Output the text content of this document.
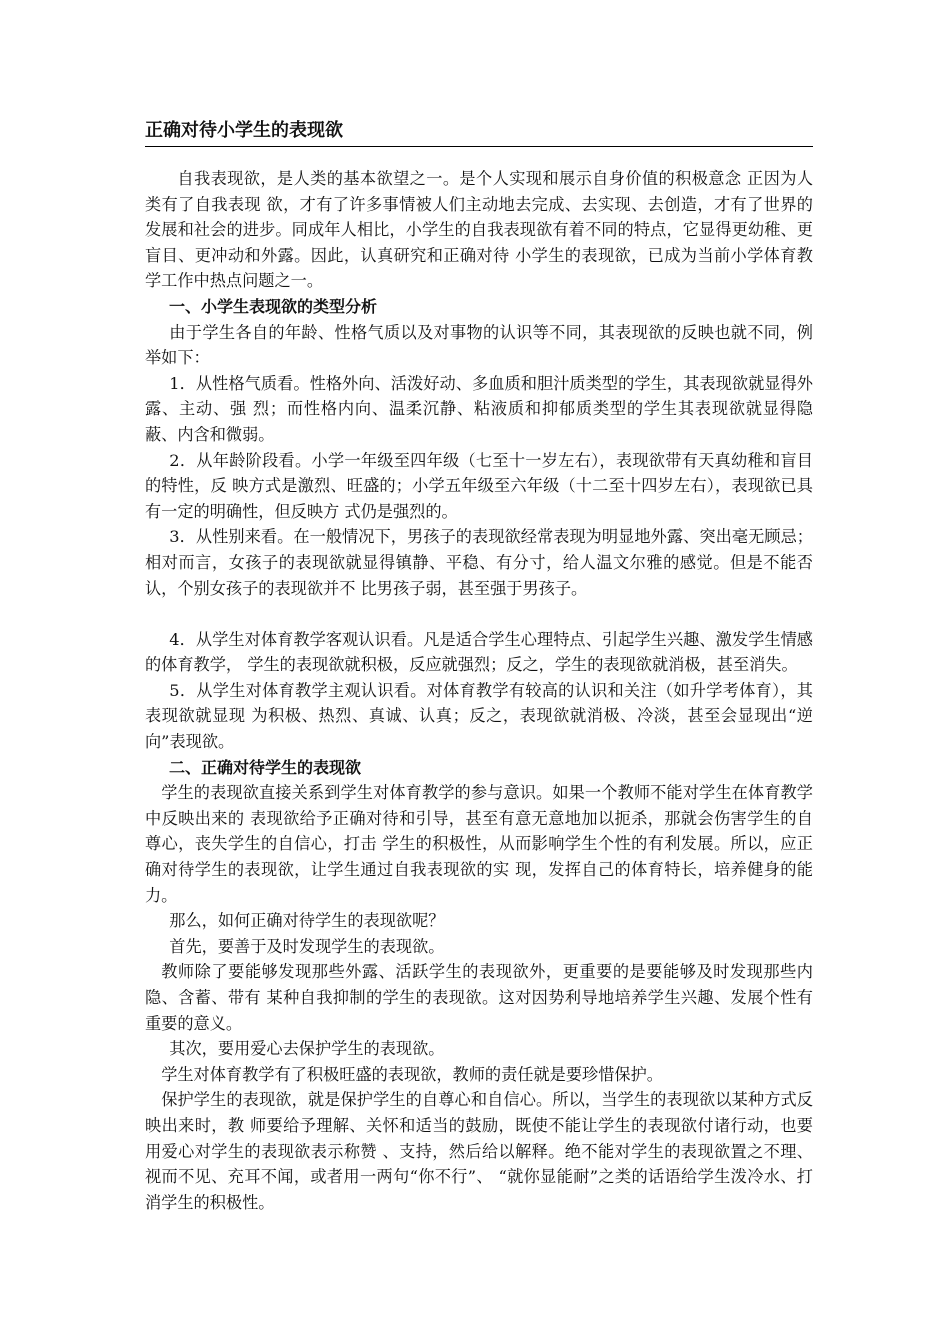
正确对待小学生的表现欲

自我表现欲，是人类的基本欲望之一。是个人实现和展示自身价值的积极意念 正因为人类有了自我表现 欲，才有了许多事情被人们主动地去完成、去实现、去创造，才有了世界的发展和社会的进步。同成年人相比，小学生的自我表现欲有着不同的特点，它显得更幼稚、更盲目、更冲动和外露。因此，认真研究和正确对待 小学生的表现欲，已成为当前小学体育教学工作中热点问题之一。

一、小学生表现欲的类型分析

由于学生各自的年龄、性格气质以及对事物的认识等不同，其表现欲的反映也就不同，例举如下：

1．从性格气质看。性格外向、活泼好动、多血质和胆汁质类型的学生，其表现欲就显得外露、主动、强 烈；而性格内向、温柔沉静、粘液质和抑郁质类型的学生其表现欲就显得隐蔽、内含和微弱。

2．从年龄阶段看。小学一年级至四年级（七至十一岁左右），表现欲带有天真幼稚和盲目的特性，反 映方式是激烈、旺盛的；小学五年级至六年级（十二至十四岁左右），表现欲已具有一定的明确性，但反映方 式仍是强烈的。

3．从性别来看。在一般情况下，男孩子的表现欲经常表现为明显地外露、突出毫无顾忌；相对而言，女孩子的表现欲就显得镇静、平稳、有分寸，给人温文尔雅的感觉。但是不能否认，个别女孩子的表现欲并不 比男孩子弱，甚至强于男孩子。

4．从学生对体育教学客观认识看。凡是适合学生心理特点、引起学生兴趣、激发学生情感的体育教学， 学生的表现欲就积极，反应就强烈；反之，学生的表现欲就消极，甚至消失。

5．从学生对体育教学主观认识看。对体育教学有较高的认识和关注（如升学考体育），其表现欲就显现 为积极、热烈、真诚、认真；反之，表现欲就消极、冷淡，甚至会显现出“逆向”表现欲。

二、正确对待学生的表现欲

学生的表现欲直接关系到学生对体育教学的参与意识。如果一个教师不能对学生在体育教学中反映出来的 表现欲给予正确对待和引导，甚至有意无意地加以扼杀，那就会伤害学生的自尊心，丧失学生的自信心，打击 学生的积极性，从而影响学生个性的有利发展。所以，应正确对待学生的表现欲，让学生通过自我表现欲的实 现，发挥自己的体育特长，培养健身的能力。

那么，如何正确对待学生的表现欲呢？

首先，要善于及时发现学生的表现欲。

教师除了要能够发现那些外露、活跃学生的表现欲外，更重要的是要能够及时发现那些内隐、含蓄、带有 某种自我抑制的学生的表现欲。这对因势利导地培养学生兴趣、发展个性有重要的意义。

其次，要用爱心去保护学生的表现欲。

学生对体育教学有了积极旺盛的表现欲，教师的责任就是要珍惜保护。

保护学生的表现欲，就是保护学生的自尊心和自信心。所以，当学生的表现欲以某种方式反映出来时，教 师要给予理解、关怀和适当的鼓励，既使不能让学生的表现欲付诸行动，也要用爱心对学生的表现欲表示称赞 、支持，然后给以解释。绝不能对学生的表现欲置之不理、视而不见、充耳不闻，或者用一两句“你不行”、 “就你显能耐”之类的话语给学生泼冷水、打消学生的积极性。
